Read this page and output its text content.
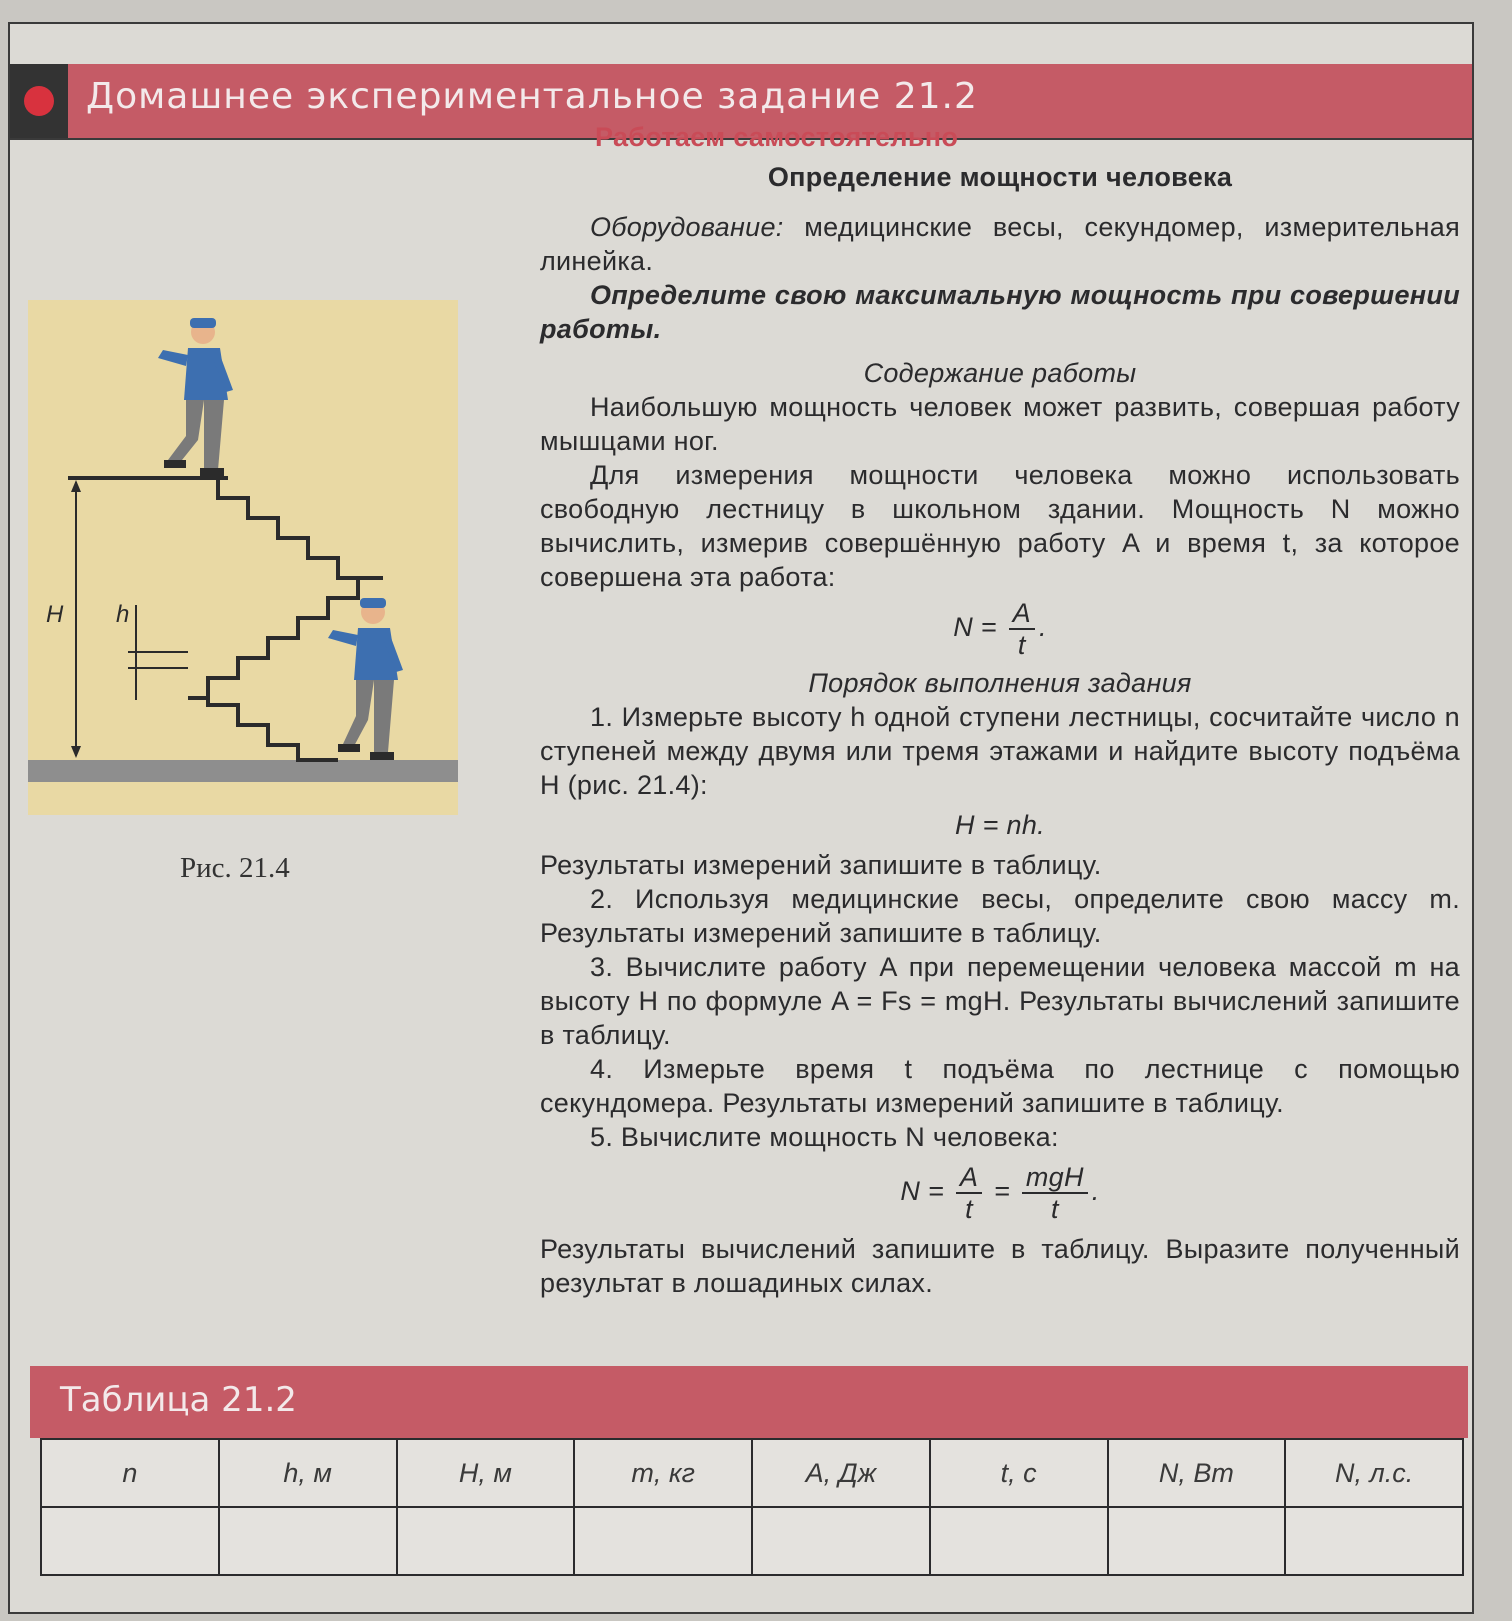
Домашнее экспериментальное задание 21.2
H h
Рис. 21.4
Работаем самостоятельно
Определение мощности человека

Оборудование: медицинские весы, секундомер, измерительная линейка.

Определите свою максимальную мощность при совершении работы.

Содержание работы

Наибольшую мощность человек может развить, совершая работу мышцами ног.

Для измерения мощности человека можно использовать свободную лестницу в школьном здании. Мощность N можно вычислить, измерив совершённую работу A и время t, за которое совершена эта работа:

$N = \frac{A}{t}$ .
Порядок выполнения задания

1. Измерьте высоту h одной ступени лестницы, сосчитайте число n ступеней между двумя или тремя этажами и найдите высоту подъёма H (рис. 21.4):

H = nh.

Результаты измерений запишите в таблицу.

2. Используя медицинские весы, определите свою массу m. Результаты измерений запишите в таблицу.

3. Вычислите работу A при перемещении человека массой m на высоту H по формуле A = Fs = mgH. Результаты вычислений запишите в таблицу.

4. Измерьте время t подъёма по лестнице с помощью секундомера. Результаты измерений запишите в таблицу.

5. Вычислите мощность N человека:

$N = \frac{A}{t} = \frac{\text{mgH}}{t}$ .

Результаты вычислений запишите в таблицу. Выразите полученный результат в лошадиных силах.

Таблица 21.2
n	h, м	H, м	m, кг	A, Дж	t, с	N, Вт	N, л.с.
